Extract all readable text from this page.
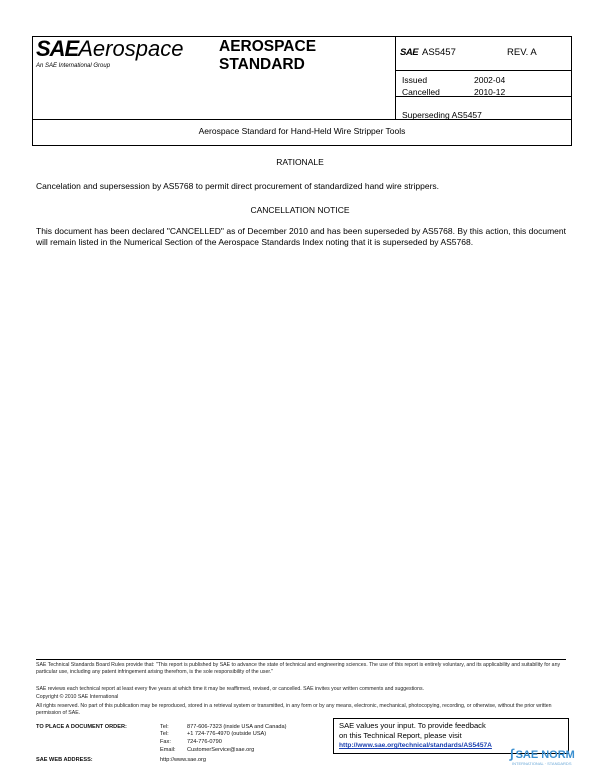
SAEAerospace
An SAE International Group
AEROSPACE
STANDARD
SAE AS5457	REV. A
Issued	2002-04
Cancelled	2010-12
Superseding AS5457
Aerospace Standard for Hand-Held Wire Stripper Tools
RATIONALE
Cancelation and supersession by AS5768 to permit direct procurement of standardized hand wire strippers.
CANCELLATION NOTICE
This document has been declared "CANCELLED" as of December 2010 and has been superseded by AS5768. By this action, this document will remain listed in the Numerical Section of the Aerospace Standards Index noting that it is superseded by AS5768.
SAE Technical Standards Board Rules provide that: "This report is published by SAE to advance the state of technical and engineering sciences. The use of this report is entirely voluntary, and its applicability and suitability for any particular use, including any patent infringement arising therefrom, is the sole responsibility of the user."
SAE reviews each technical report at least every five years at which time it may be reaffirmed, revised, or cancelled. SAE invites your written comments and suggestions.
Copyright © 2010 SAE International
All rights reserved. No part of this publication may be reproduced, stored in a retrieval system or transmitted, in any form or by any means, electronic, mechanical, photocopying, recording, or otherwise, without the prior written permission of SAE.
TO PLACE A DOCUMENT ORDER:	Tel:	877-606-7323 (inside USA and Canada)
Tel:	+1 724-776-4970 (outside USA)
Fax:	724-776-0790
Email: CustomerService@sae.org
SAE WEB ADDRESS:	http://www.sae.org
SAE values your input. To provide feedback
on this Technical Report, please visit
http://www.sae.org/technical/standards/AS5457A
∫ SAE NORM
INTERNATIONAL · STANDARDS
